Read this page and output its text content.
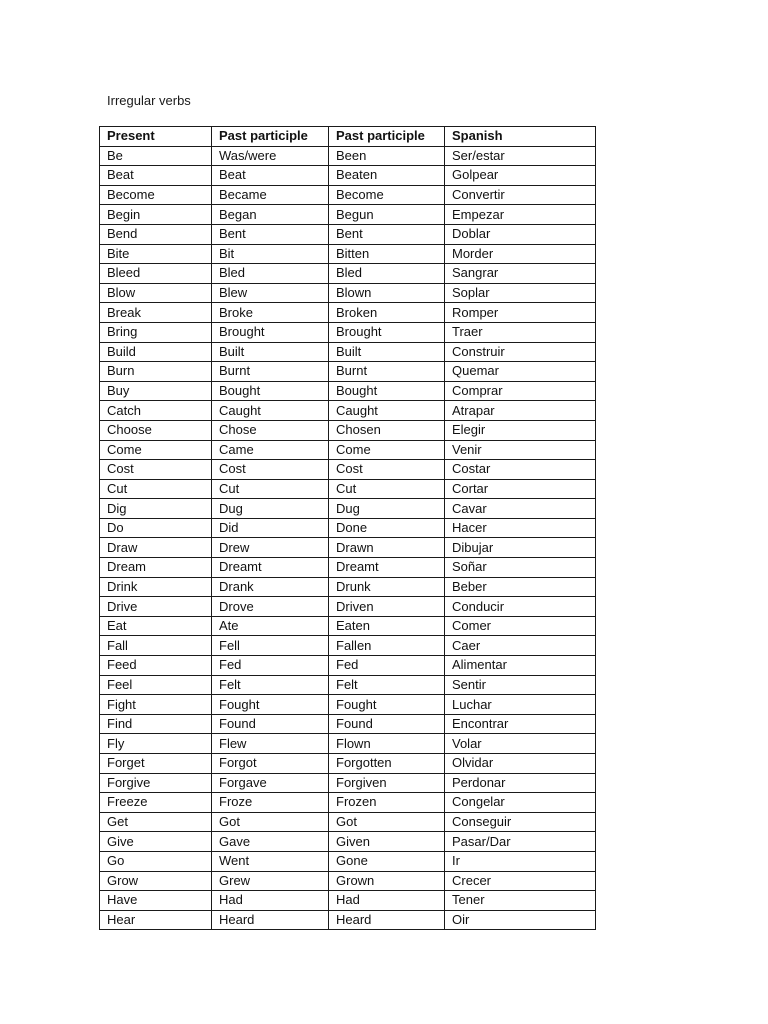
Irregular verbs
Present	Past participle	Past participle	Spanish
Be	Was/were	Been	Ser/estar
Beat	Beat	Beaten	Golpear
Become	Became	Become	Convertir
Begin	Began	Begun	Empezar
Bend	Bent	Bent	Doblar
Bite	Bit	Bitten	Morder
Bleed	Bled	Bled	Sangrar
Blow	Blew	Blown	Soplar
Break	Broke	Broken	Romper
Bring	Brought	Brought	Traer
Build	Built	Built	Construir
Burn	Burnt	Burnt	Quemar
Buy	Bought	Bought	Comprar
Catch	Caught	Caught	Atrapar
Choose	Chose	Chosen	Elegir
Come	Came	Come	Venir
Cost	Cost	Cost	Costar
Cut	Cut	Cut	Cortar
Dig	Dug	Dug	Cavar
Do	Did	Done	Hacer
Draw	Drew	Drawn	Dibujar
Dream	Dreamt	Dreamt	Soñar
Drink	Drank	Drunk	Beber
Drive	Drove	Driven	Conducir
Eat	Ate	Eaten	Comer
Fall	Fell	Fallen	Caer
Feed	Fed	Fed	Alimentar
Feel	Felt	Felt	Sentir
Fight	Fought	Fought	Luchar
Find	Found	Found	Encontrar
Fly	Flew	Flown	Volar
Forget	Forgot	Forgotten	Olvidar
Forgive	Forgave	Forgiven	Perdonar
Freeze	Froze	Frozen	Congelar
Get	Got	Got	Conseguir
Give	Gave	Given	Pasar/Dar
Go	Went	Gone	Ir
Grow	Grew	Grown	Crecer
Have	Had	Had	Tener
Hear	Heard	Heard	Oir
